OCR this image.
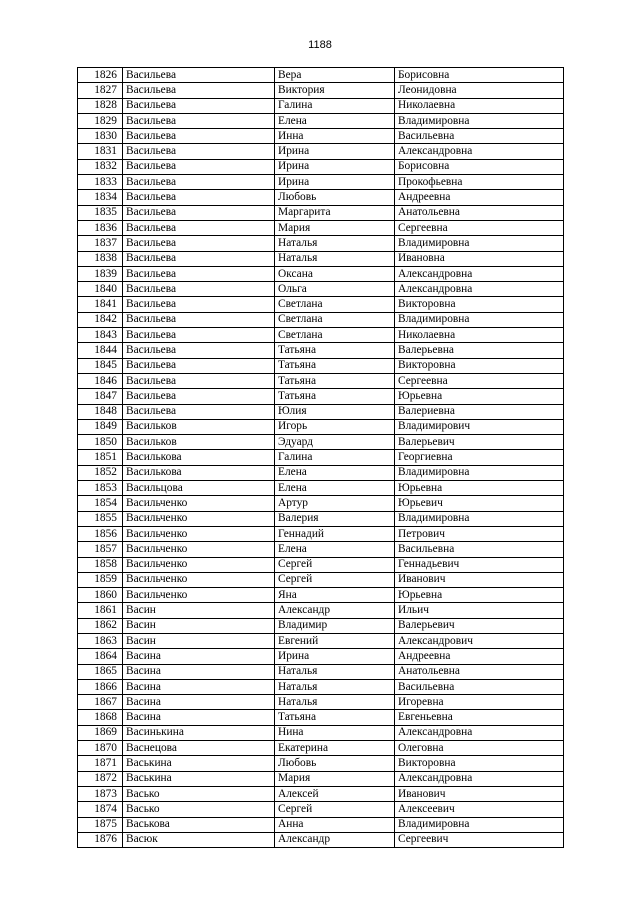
1188
1826	Васильева	Вера	Борисовна
1827	Васильева	Виктория	Леонидовна
1828	Васильева	Галина	Николаевна
1829	Васильева	Елена	Владимировна
1830	Васильева	Инна	Васильевна
1831	Васильева	Ирина	Александровна
1832	Васильева	Ирина	Борисовна
1833	Васильева	Ирина	Прокофьевна
1834	Васильева	Любовь	Андреевна
1835	Васильева	Маргарита	Анатольевна
1836	Васильева	Мария	Сергеевна
1837	Васильева	Наталья	Владимировна
1838	Васильева	Наталья	Ивановна
1839	Васильева	Оксана	Александровна
1840	Васильева	Ольга	Александровна
1841	Васильева	Светлана	Викторовна
1842	Васильева	Светлана	Владимировна
1843	Васильева	Светлана	Николаевна
1844	Васильева	Татьяна	Валерьевна
1845	Васильева	Татьяна	Викторовна
1846	Васильева	Татьяна	Сергеевна
1847	Васильева	Татьяна	Юрьевна
1848	Васильева	Юлия	Валериевна
1849	Васильков	Игорь	Владимирович
1850	Васильков	Эдуард	Валерьевич
1851	Василькова	Галина	Георгиевна
1852	Василькова	Елена	Владимировна
1853	Васильцова	Елена	Юрьевна
1854	Васильченко	Артур	Юрьевич
1855	Васильченко	Валерия	Владимировна
1856	Васильченко	Геннадий	Петрович
1857	Васильченко	Елена	Васильевна
1858	Васильченко	Сергей	Геннадьевич
1859	Васильченко	Сергей	Иванович
1860	Васильченко	Яна	Юрьевна
1861	Васин	Александр	Ильич
1862	Васин	Владимир	Валерьевич
1863	Васин	Евгений	Александрович
1864	Васина	Ирина	Андреевна
1865	Васина	Наталья	Анатольевна
1866	Васина	Наталья	Васильевна
1867	Васина	Наталья	Игоревна
1868	Васина	Татьяна	Евгеньевна
1869	Васинькина	Нина	Александровна
1870	Васнецова	Екатерина	Олеговна
1871	Васькина	Любовь	Викторовна
1872	Васькина	Мария	Александровна
1873	Васько	Алексей	Иванович
1874	Васько	Сергей	Алексеевич
1875	Васькова	Анна	Владимировна
1876	Васюк	Александр	Сергеевич
